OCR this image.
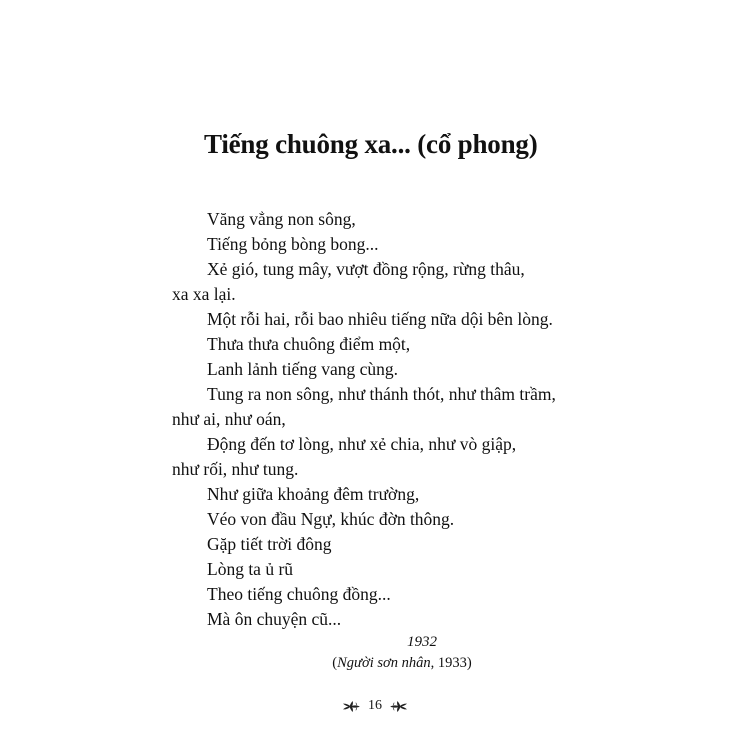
Tiếng chuông xa... (cổ phong)
Văng vẳng non sông,
Tiếng bỏng bòng bong...
Xẻ gió, tung mây, vượt đồng rộng, rừng thâu,
xa xa lại.
Một rỗi hai, rỗi bao nhiêu tiếng nữa dội bên lòng.
Thưa thưa chuông điểm một,
Lanh lảnh tiếng vang cùng.
Tung ra non sông, như thánh thót, như thâm trầm,
như ai, như oán,
Động đến tơ lòng, như xẻ chia, như vò giập,
như rối, như tung.
Như giữa khoảng đêm trường,
Véo von đầu Ngự, khúc đờn thông.
Gặp tiết trời đông
Lòng ta ủ rũ
Theo tiếng chuông đồng...
Mà ôn chuyện cũ...
1932
(Người sơn nhân, 1933)
16
